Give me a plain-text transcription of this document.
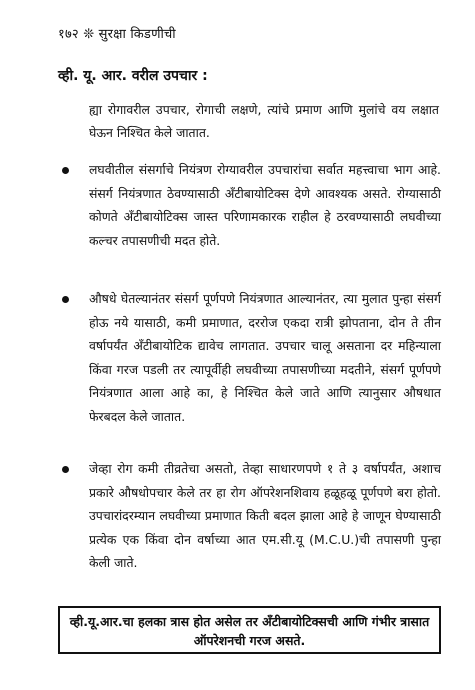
१७२ ❊ सुरक्षा किडणीची
व्ही. यू. आर. वरील उपचार :
ह्या रोगावरील उपचार, रोगाची लक्षणे, त्यांचे प्रमाण आणि मुलांचे वय लक्षात घेऊन निश्चित केले जातात.
लघवीतील संसर्गाचे नियंत्रण रोग्यावरील उपचारांचा सर्वात महत्त्वाचा भाग आहे. संसर्ग नियंत्रणात ठेवण्यासाठी ॲंटीबायोटिक्स देणे आवश्यक असते. रोग्यासाठी कोणते ॲंटीबायोटिक्स जास्त परिणामकारक राहील हे ठरवण्यासाठी लघवीच्या कल्चर तपासणीची मदत होते.
औषधे घेतल्यानंतर संसर्ग पूर्णपणे नियंत्रणात आल्यानंतर, त्या मुलात पुन्हा संसर्ग होऊ नये यासाठी, कमी प्रमाणात, दररोज एकदा रात्री झोपताना, दोन ते तीन वर्षापर्यंत ॲंटीबायोटिक द्यावेच लागतात. उपचार चालू असताना दर महिन्याला किंवा गरज पडली तर त्यापूर्वीही लघवीच्या तपासणीच्या मदतीने, संसर्ग पूर्णपणे नियंत्रणात आला आहे का, हे निश्चित केले जाते आणि त्यानुसार औषधात फेरबदल केले जातात.
जेव्हा रोग कमी तीव्रतेचा असतो, तेव्हा साधारणपणे १ ते ३ वर्षापर्यंत, अशाच प्रकारे औषधोपचार केले तर हा रोग ऑपरेशनशिवाय हळूहळू पूर्णपणे बरा होतो. उपचारांदरम्यान लघवीच्या प्रमाणात किती बदल झाला आहे हे जाणून घेण्यासाठी प्रत्येक एक किंवा दोन वर्षाच्या आत एम.सी.यू (M.C.U.)ची तपासणी पुन्हा केली जाते.
व्ही.यू.आर.चा हलका त्रास होत असेल तर ॲंटीबायोटिक्सची आणि गंभीर त्रासात ऑपरेशनची गरज असते.
